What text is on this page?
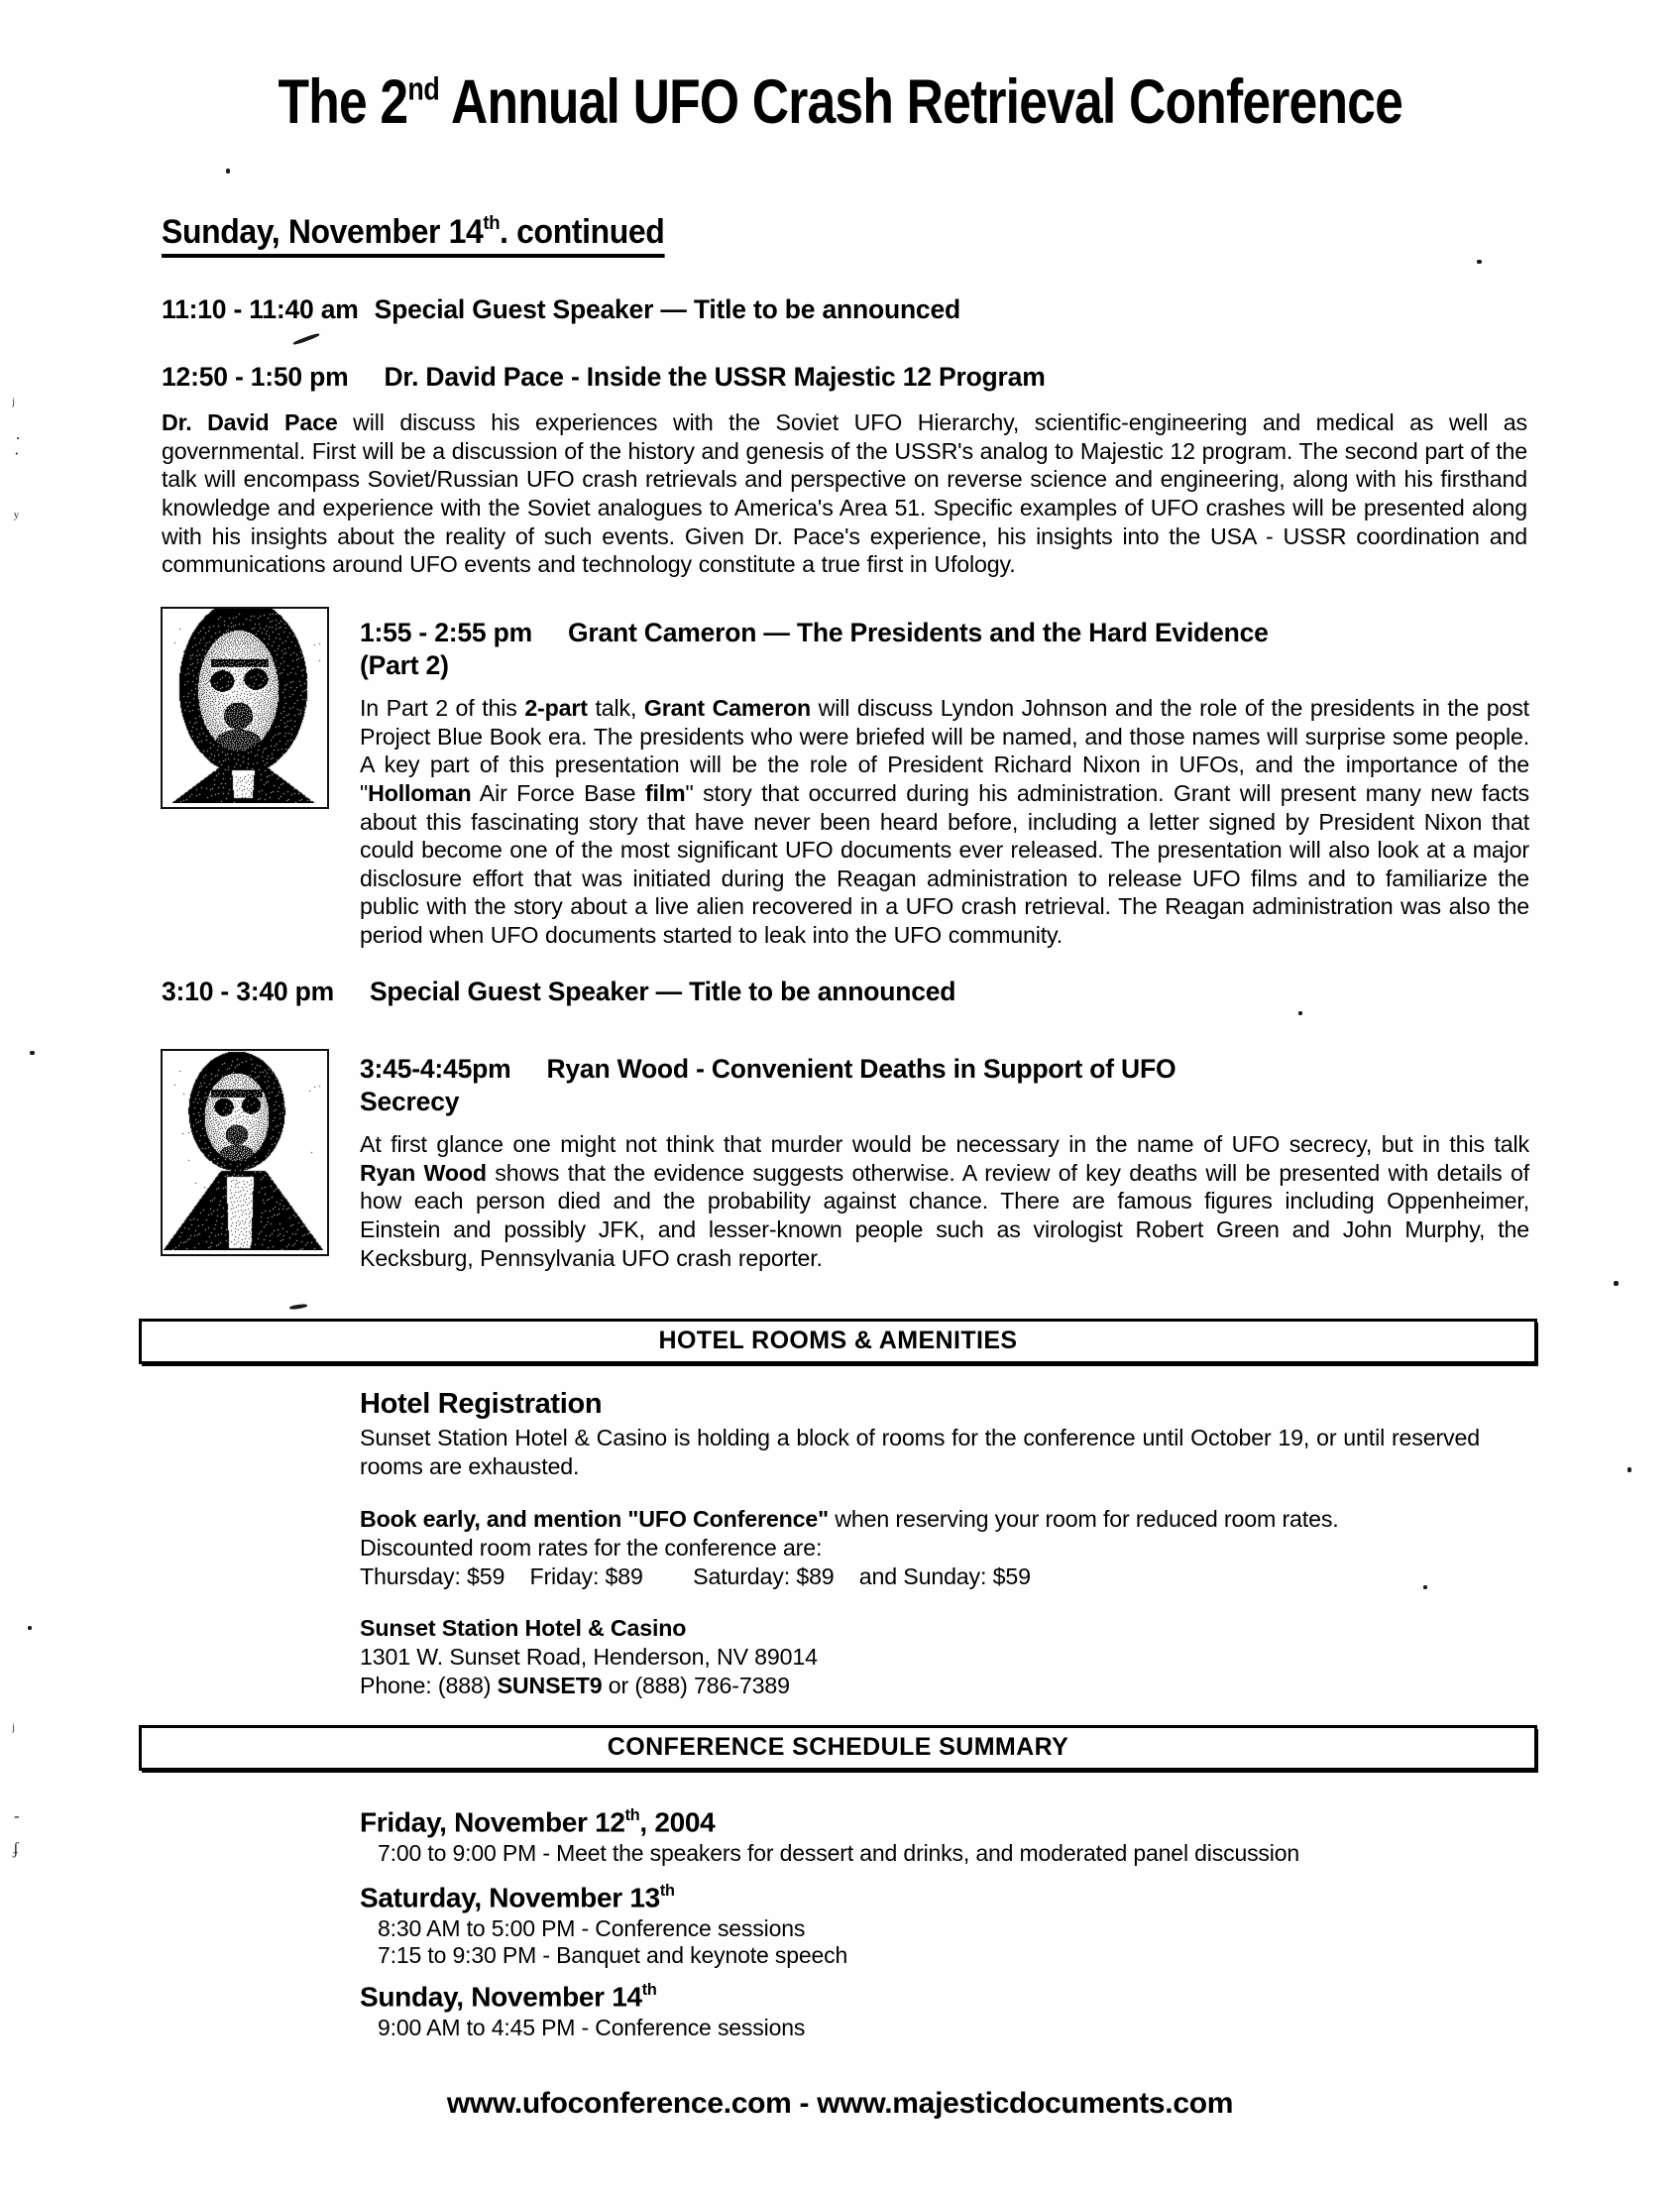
The 2nd Annual UFO Crash Retrieval Conference
Sunday, November 14th. continued
11:10 - 11:40 am Special Guest Speaker — Title to be announced
12:50 - 1:50 pm Dr. David Pace - Inside the USSR Majestic 12 Program
Dr. David Pace will discuss his experiences with the Soviet UFO Hierarchy, scientific-engineering and medical as well as governmental. First will be a discussion of the history and genesis of the USSR's analog to Majestic 12 program. The second part of the talk will encompass Soviet/Russian UFO crash retrievals and perspective on reverse science and engineering, along with his firsthand knowledge and experience with the Soviet analogues to America's Area 51. Specific examples of UFO crashes will be presented along with his insights about the reality of such events. Given Dr. Pace's experience, his insights into the USA - USSR coordination and communications around UFO events and technology constitute a true first in Ufology.
1:55 - 2:55 pm Grant Cameron — The Presidents and the Hard Evidence
(Part 2)
In Part 2 of this 2-part talk, Grant Cameron will discuss Lyndon Johnson and the role of the presidents in the post Project Blue Book era. The presidents who were briefed will be named, and those names will surprise some people. A key part of this presentation will be the role of President Richard Nixon in UFOs, and the importance of the "Holloman Air Force Base film" story that occurred during his administration. Grant will present many new facts about this fascinating story that have never been heard before, including a letter signed by President Nixon that could become one of the most significant UFO documents ever released. The presentation will also look at a major disclosure effort that was initiated during the Reagan administration to release UFO films and to familiarize the public with the story about a live alien recovered in a UFO crash retrieval. The Reagan administration was also the period when UFO documents started to leak into the UFO community.
3:10 - 3:40 pm Special Guest Speaker — Title to be announced
3:45-4:45pm Ryan Wood - Convenient Deaths in Support of UFO
Secrecy
At first glance one might not think that murder would be necessary in the name of UFO secrecy, but in this talk Ryan Wood shows that the evidence suggests otherwise. A review of key deaths will be presented with details of how each person died and the probability against chance. There are famous figures including Oppenheimer, Einstein and possibly JFK, and lesser-known people such as virologist Robert Green and John Murphy, the Kecksburg, Pennsylvania UFO crash reporter.
HOTEL ROOMS & AMENITIES
Hotel Registration
Sunset Station Hotel & Casino is holding a block of rooms for the conference until October 19, or until reserved rooms are exhausted.
Book early, and mention "UFO Conference" when reserving your room for reduced room rates.
Discounted room rates for the conference are:
Thursday: $59    Friday: $89        Saturday: $89    and Sunday: $59
Sunset Station Hotel & Casino
1301 W. Sunset Road, Henderson, NV 89014
Phone: (888) SUNSET9 or (888) 786-7389
CONFERENCE SCHEDULE SUMMARY
Friday, November 12th, 2004
7:00 to 9:00 PM - Meet the speakers for dessert and drinks, and moderated panel discussion
Saturday, November 13th
8:30 AM to 5:00 PM - Conference sessions
7:15 to 9:30 PM - Banquet and keynote speech
Sunday, November 14th
9:00 AM to 4:45 PM - Conference sessions
www.ufoconference.com - www.majesticdocuments.com
ʲ
.
·
ʸ
ʲ
-
ʄ
